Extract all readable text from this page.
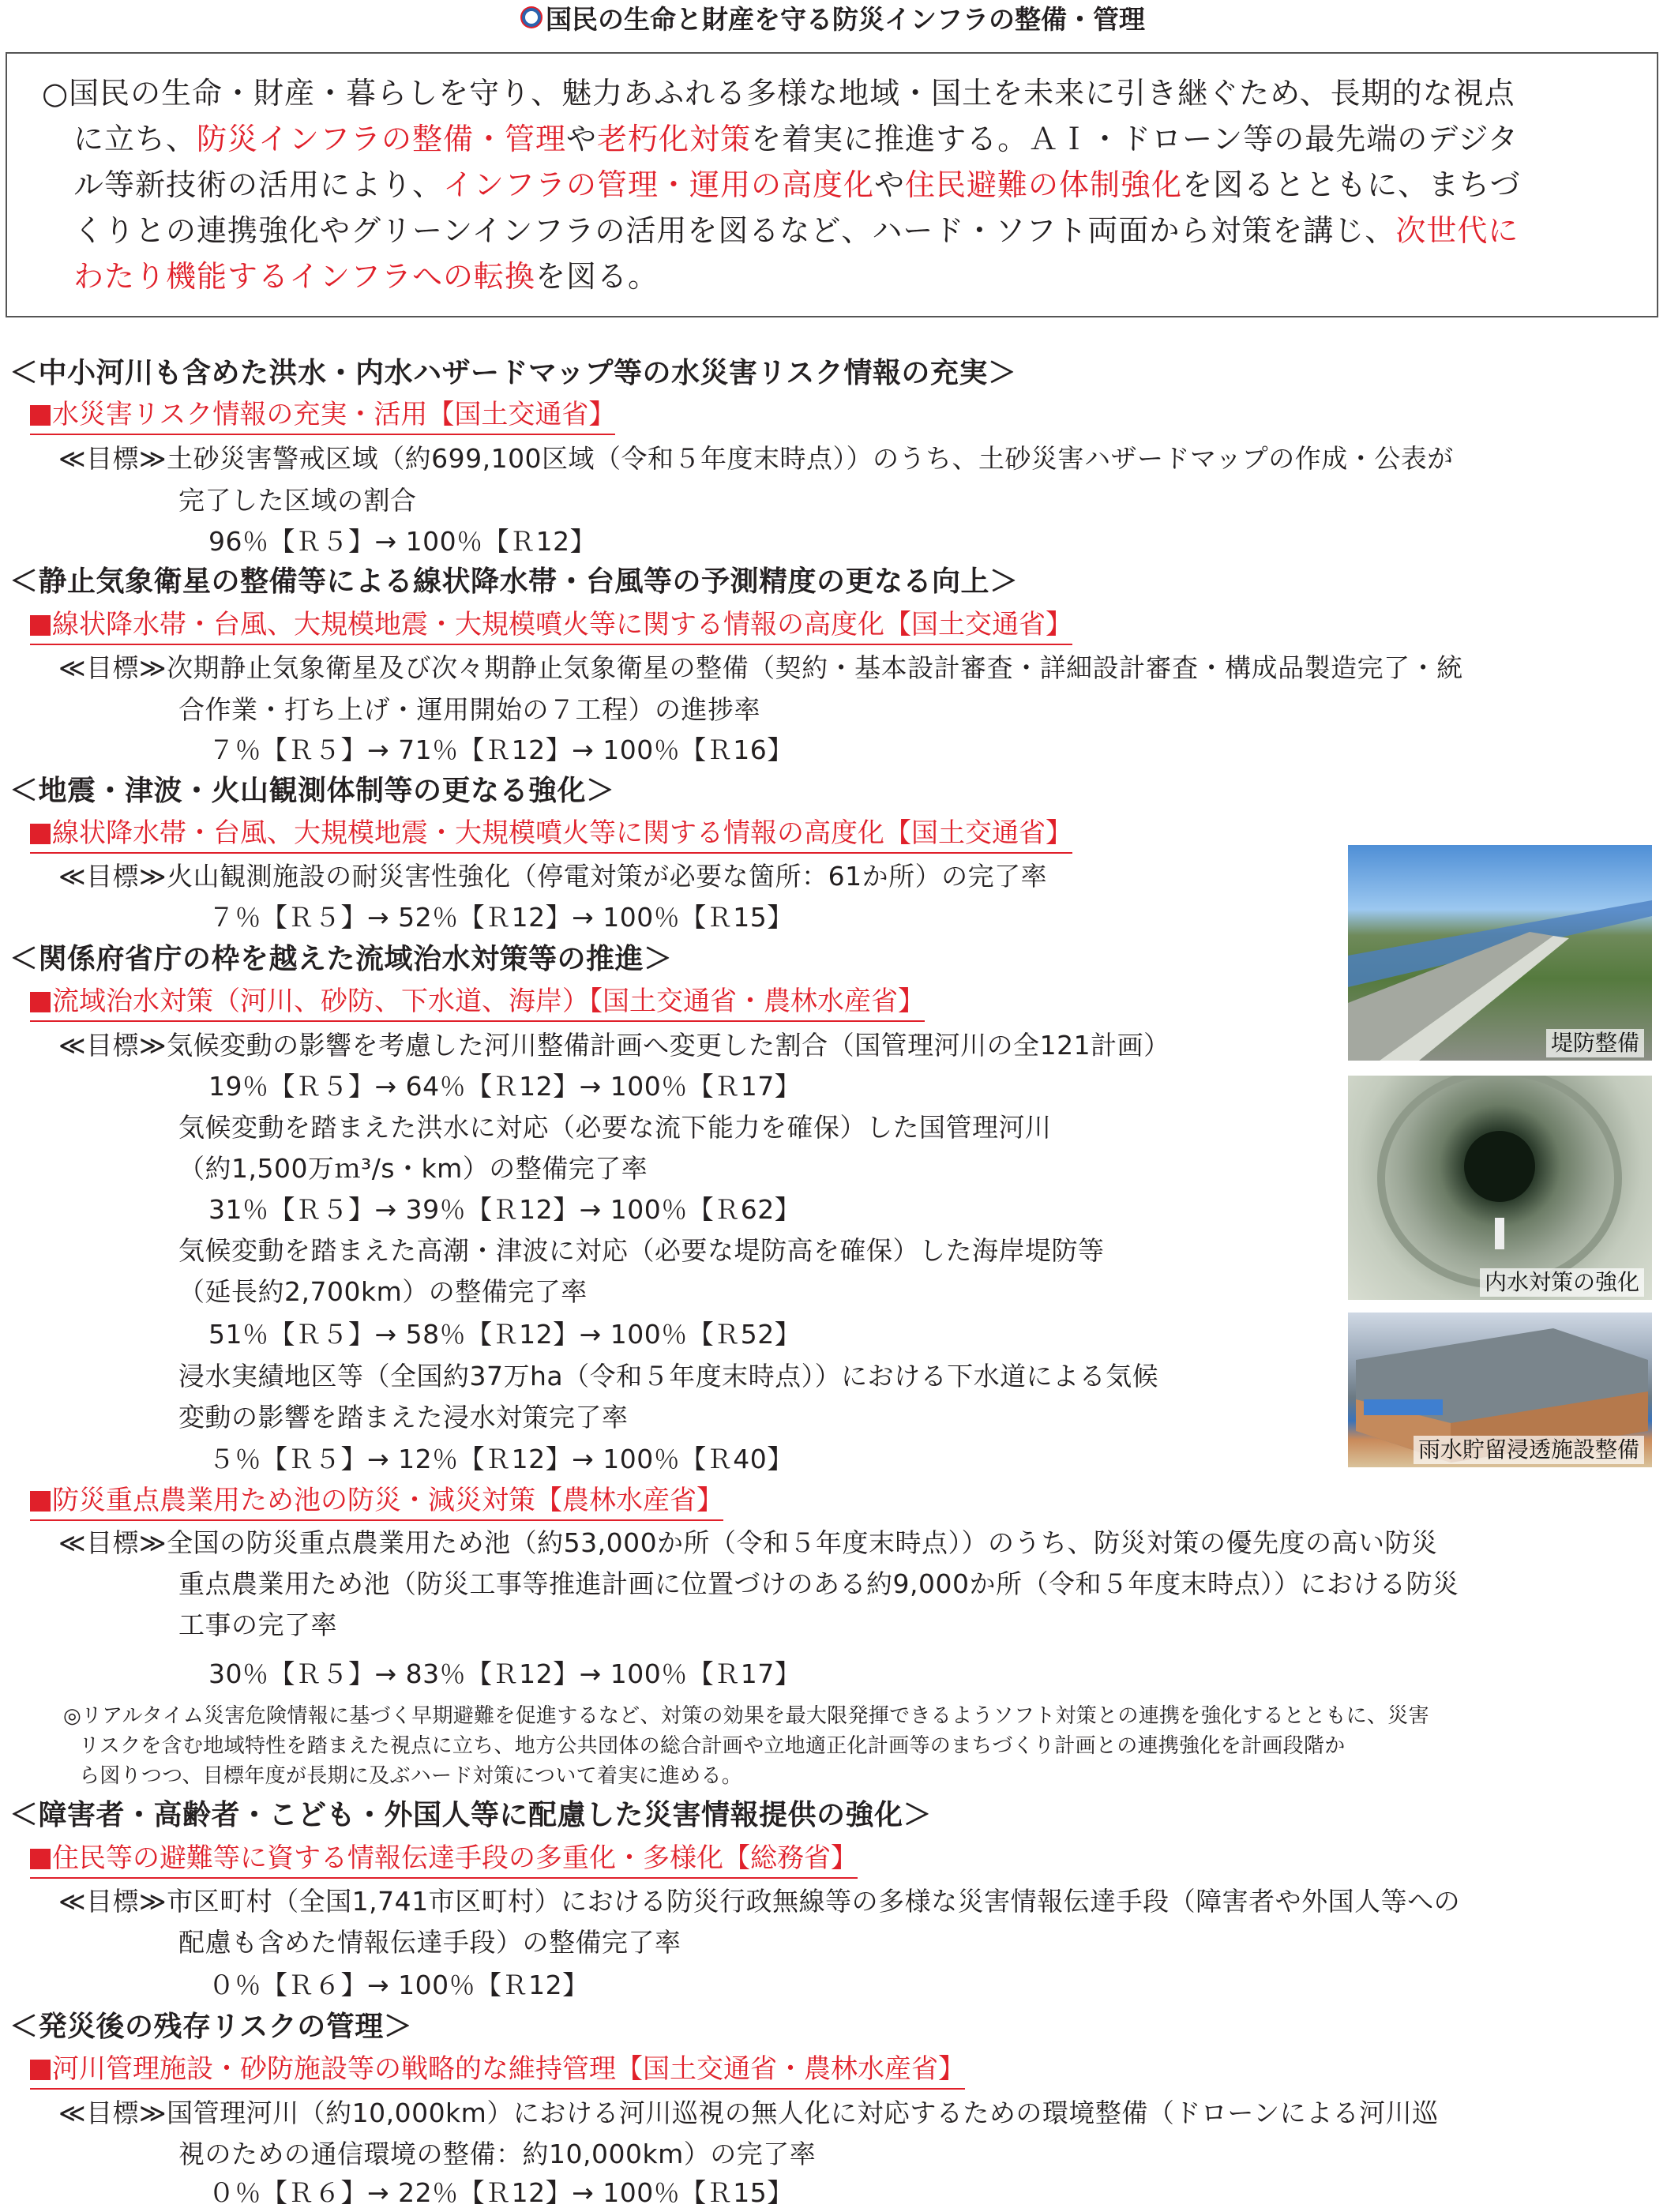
国民の生命と財産を守る防災インフラの整備・管理
○国民の生命・財産・暮らしを守り、魅力あふれる多様な地域・国土を未来に引き継ぐため、長期的な視点
に立ち、防災インフラの整備・管理や老朽化対策を着実に推進する。ＡＩ・ドローン等の最先端のデジタ
ル等新技術の活用により、インフラの管理・運用の高度化や住民避難の体制強化を図るとともに、まちづ
くりとの連携強化やグリーンインフラの活用を図るなど、ハード・ソフト両面から対策を講じ、次世代に
わたり機能するインフラへの転換を図る。
＜中小河川も含めた洪水・内水ハザードマップ等の水災害リスク情報の充実＞
水災害リスク情報の充実・活用【国土交通省】
≪目標≫土砂災害警戒区域（約699,100区域（令和５年度末時点））のうち、土砂災害ハザードマップの作成・公表が
完了した区域の割合
96％【Ｒ５】→ 100％【Ｒ12】
＜静止気象衛星の整備等による線状降水帯・台風等の予測精度の更なる向上＞
線状降水帯・台風、大規模地震・大規模噴火等に関する情報の高度化【国土交通省】
≪目標≫次期静止気象衛星及び次々期静止気象衛星の整備（契約・基本設計審査・詳細設計審査・構成品製造完了・統
合作業・打ち上げ・運用開始の７工程）の進捗率
７％【Ｒ５】→ 71％【Ｒ12】→ 100％【Ｒ16】
＜地震・津波・火山観測体制等の更なる強化＞
線状降水帯・台風、大規模地震・大規模噴火等に関する情報の高度化【国土交通省】
≪目標≫火山観測施設の耐災害性強化（停電対策が必要な箇所：61か所）の完了率
７％【Ｒ５】→ 52％【Ｒ12】→ 100％【Ｒ15】
＜関係府省庁の枠を越えた流域治水対策等の推進＞
流域治水対策（河川、砂防、下水道、海岸）【国土交通省・農林水産省】
≪目標≫気候変動の影響を考慮した河川整備計画へ変更した割合（国管理河川の全121計画）
19％【Ｒ５】→ 64％【Ｒ12】→ 100％【Ｒ17】
気候変動を踏まえた洪水に対応（必要な流下能力を確保）した国管理河川
（約1,500万ｍ³/s・km）の整備完了率
31％【Ｒ５】→ 39％【Ｒ12】→ 100％【Ｒ62】
気候変動を踏まえた高潮・津波に対応（必要な堤防高を確保）した海岸堤防等
（延長約2,700km）の整備完了率
51％【Ｒ５】→ 58％【Ｒ12】→ 100％【Ｒ52】
浸水実績地区等（全国約37万ha（令和５年度末時点））における下水道による気候
変動の影響を踏まえた浸水対策完了率
５％【Ｒ５】→ 12％【Ｒ12】→ 100％【Ｒ40】
防災重点農業用ため池の防災・減災対策【農林水産省】
≪目標≫全国の防災重点農業用ため池（約53,000か所（令和５年度末時点））のうち、防災対策の優先度の高い防災
重点農業用ため池（防災工事等推進計画に位置づけのある約9,000か所（令和５年度末時点））における防災
工事の完了率
30％【Ｒ５】→ 83％【Ｒ12】→ 100％【Ｒ17】
◎リアルタイム災害危険情報に基づく早期避難を促進するなど、対策の効果を最大限発揮できるようソフト対策との連携を強化するとともに、災害
リスクを含む地域特性を踏まえた視点に立ち、地方公共団体の総合計画や立地適正化計画等のまちづくり計画との連携強化を計画段階か
ら図りつつ、目標年度が長期に及ぶハード対策について着実に進める。
＜障害者・高齢者・こども・外国人等に配慮した災害情報提供の強化＞
住民等の避難等に資する情報伝達手段の多重化・多様化【総務省】
≪目標≫市区町村（全国1,741市区町村）における防災行政無線等の多様な災害情報伝達手段（障害者や外国人等への
配慮も含めた情報伝達手段）の整備完了率
０％【Ｒ６】→ 100％【Ｒ12】
＜発災後の残存リスクの管理＞
河川管理施設・砂防施設等の戦略的な維持管理【国土交通省・農林水産省】
≪目標≫国管理河川（約10,000km）における河川巡視の無人化に対応するための環境整備（ドローンによる河川巡
視のための通信環境の整備：約10,000km）の完了率
０％【Ｒ６】→ 22％【Ｒ12】→ 100％【Ｒ15】
堤防整備
内水対策の強化
雨水貯留浸透施設整備
